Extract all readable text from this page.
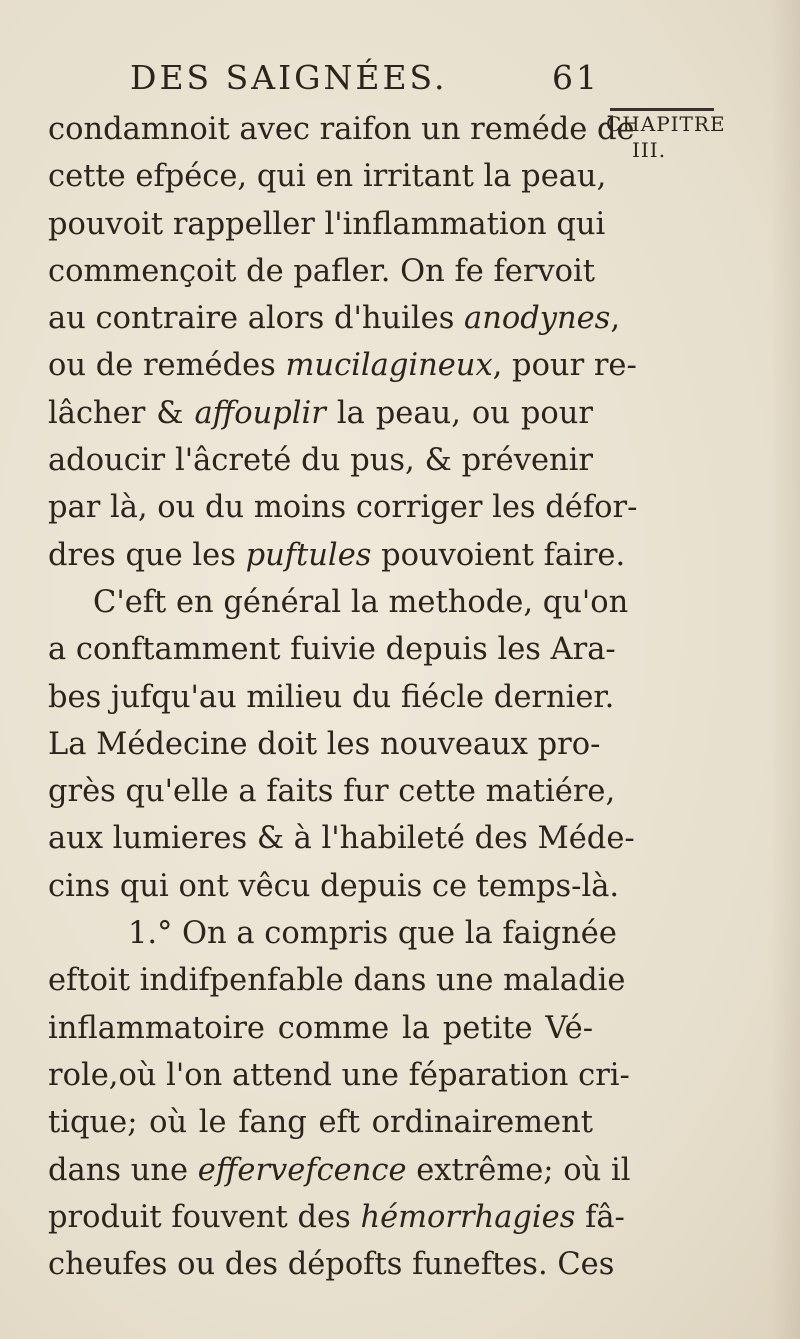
DES SAIGNÉES.	61
condamnoit avec raifon un reméde de
cette efpéce, qui en irritant la peau,
pouvoit rappeller l'inflammation qui
commençoit de pafler. On fe fervoit
au contraire alors d'huiles anodynes,
ou de remédes mucilagineux, pour re-
lâcher & affouplir la peau, ou pour
adoucir l'âcreté du pus, & prévenir
par là, ou du moins corriger les défor-
dres que les puftules pouvoient faire.
C'eft en général la methode, qu'on
a conftamment fuivie depuis les Ara-
bes jufqu'au milieu du fiécle dernier.
La Médecine doit les nouveaux pro-
grès qu'elle a faits fur cette matiére,
aux lumieres & à l'habileté des Méde-
cins qui ont vêcu depuis ce temps-là.
1.° On a compris que la faignée
eftoit indifpenfable dans une maladie
inflammatoire comme la petite Vé-
role,où l'on attend une féparation cri-
tique; où le fang eft ordinairement
dans une effervefcence extrême; où il
produit fouvent des hémorrhagies fâ-
cheufes ou des dépofts funeftes. Ces
CHAPITRE
III.
